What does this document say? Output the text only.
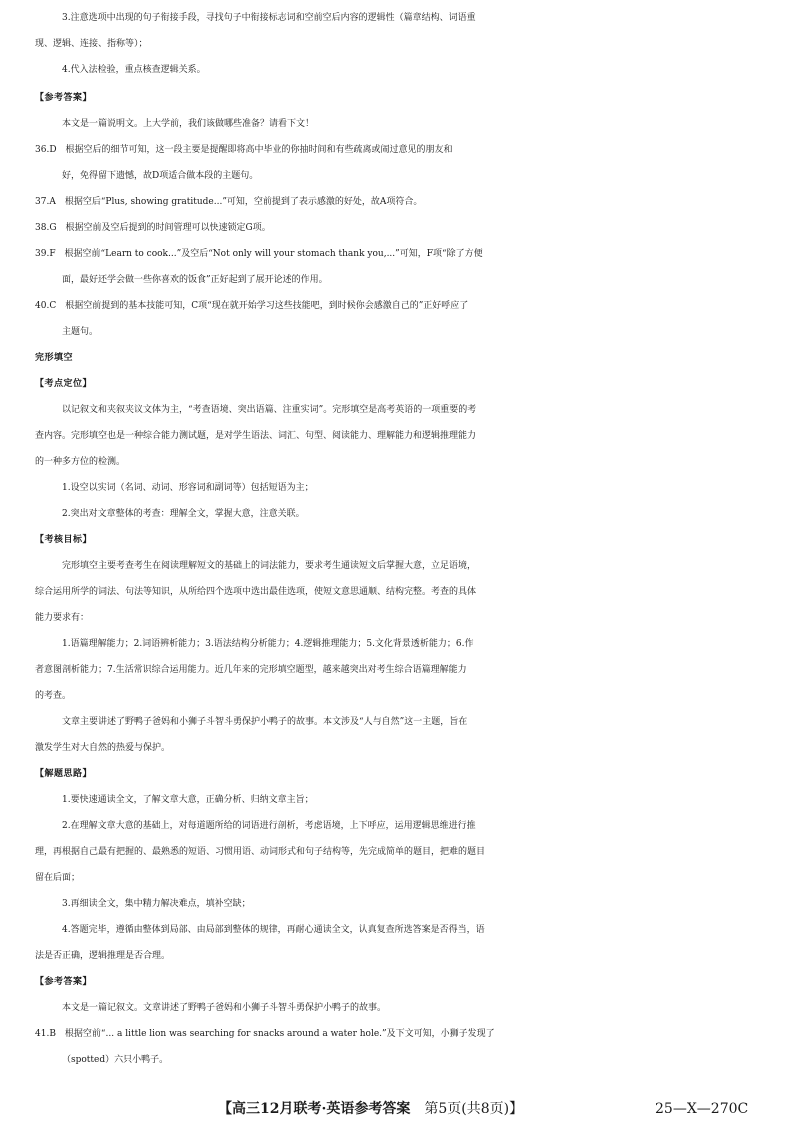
3.注意选项中出现的句子衔接手段，寻找句子中衔接标志词和空前空后内容的逻辑性（篇章结构、词语重
现、逻辑、连接、指称等）；
4.代入法检验，重点核查逻辑关系。
【参考答案】
本文是一篇说明文。上大学前，我们该做哪些准备？请看下文！
36.D　根据空后的细节可知，这一段主要是提醒即将高中毕业的你抽时间和有些疏离或闹过意见的朋友和
好，免得留下遗憾，故D项适合做本段的主题句。
37.A　根据空后“Plus, showing gratitude...”可知，空前提到了表示感激的好处，故A项符合。
38.G　根据空前及空后提到的时间管理可以快速锁定G项。
39.F　根据空前“Learn to cook...”及空后“Not only will your stomach thank you,...”可知，F项“除了方便
面，最好还学会做一些你喜欢的饭食”正好起到了展开论述的作用。
40.C　根据空前提到的基本技能可知，C项“现在就开始学习这些技能吧，到时候你会感激自己的”正好呼应了
主题句。
完形填空
【考点定位】
以记叙文和夹叙夹议文体为主，“考查语境、突出语篇、注重实词”。完形填空是高考英语的一项重要的考
查内容。完形填空也是一种综合能力测试题，是对学生语法、词汇、句型、阅读能力、理解能力和逻辑推理能力
的一种多方位的检测。
1.设空以实词（名词、动词、形容词和副词等）包括短语为主；
2.突出对文章整体的考查：理解全文，掌握大意，注意关联。
【考核目标】
完形填空主要考查考生在阅读理解短文的基础上的词法能力，要求考生通读短文后掌握大意，立足语境，
综合运用所学的词法、句法等知识，从所给四个选项中选出最佳选项，使短文意思通顺、结构完整。考查的具体
能力要求有：
1.语篇理解能力；2.词语辨析能力；3.语法结构分析能力；4.逻辑推理能力；5.文化背景透析能力；6.作
者意图剖析能力；7.生活常识综合运用能力。近几年来的完形填空题型，越来越突出对考生综合语篇理解能力
的考查。
文章主要讲述了野鸭子爸妈和小狮子斗智斗勇保护小鸭子的故事。本文涉及“人与自然”这一主题，旨在
激发学生对大自然的热爱与保护。
【解题思路】
1.要快速通读全文，了解文章大意，正确分析、归纳文章主旨；
2.在理解文章大意的基础上，对每道题所给的词语进行剖析，考虑语境，上下呼应，运用逻辑思维进行推
理，再根据自己最有把握的、最熟悉的短语、习惯用语、动词形式和句子结构等，先完成简单的题目，把难的题目
留在后面；
3.再细读全文，集中精力解决难点，填补空缺；
4.答题完毕，遵循由整体到局部、由局部到整体的规律，再耐心通读全文，认真复查所选答案是否得当，语
法是否正确，逻辑推理是否合理。
【参考答案】
本文是一篇记叙文。文章讲述了野鸭子爸妈和小狮子斗智斗勇保护小鸭子的故事。
41.B　根据空前“... a little lion was searching for snacks around a water hole.”及下文可知，小狮子发现了
（spotted）六只小鸭子。
【高三12月联考·英语参考答案　 第5页(共8页)】	25—X—270C
